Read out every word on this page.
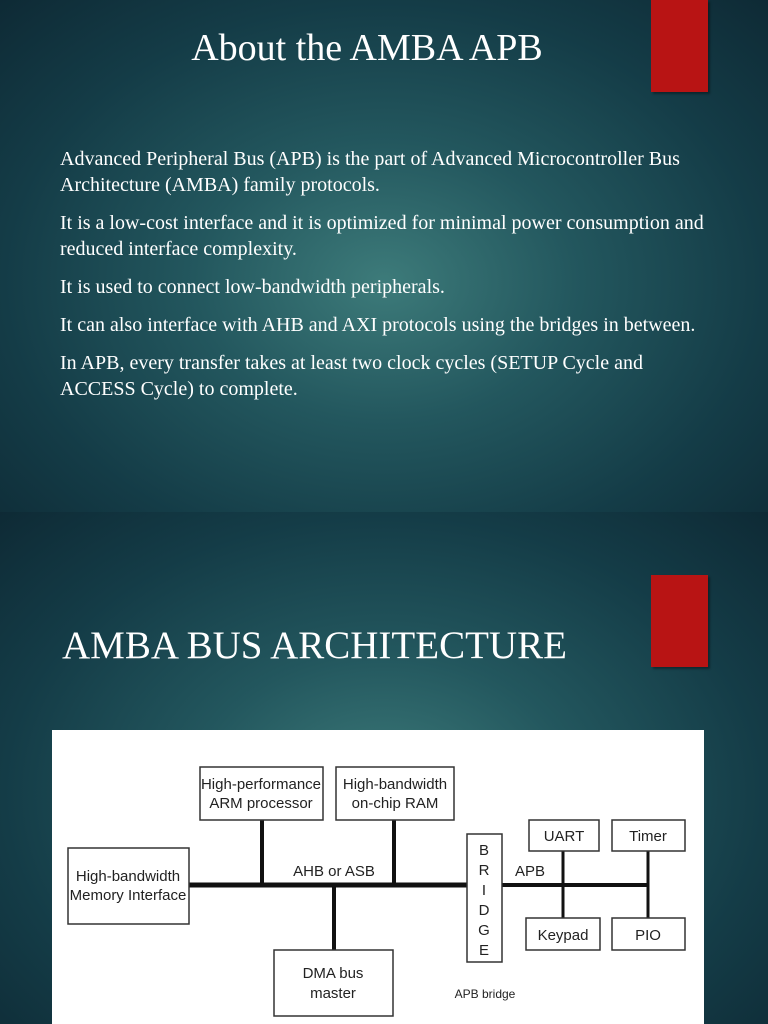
About the AMBA APB

Advanced Peripheral Bus (APB) is the part of Advanced Microcontroller Bus Architecture (AMBA) family protocols.

It is a low-cost interface and it is optimized for minimal power consumption and reduced interface complexity.

It is used to connect low-bandwidth peripherals.

It can also interface with AHB and AXI protocols using the bridges in between.

In APB, every transfer takes at least two clock cycles (SETUP Cycle and ACCESS Cycle) to complete.

AMBA BUS ARCHITECTURE
High-performance
ARM processor
High-bandwidth
on-chip RAM
High-bandwidth
Memory Interface
AHB or ASB
B
R
I
D
G
E
APB
UART	Timer
Keypad	PIO
DMA bus
master	APB bridge
